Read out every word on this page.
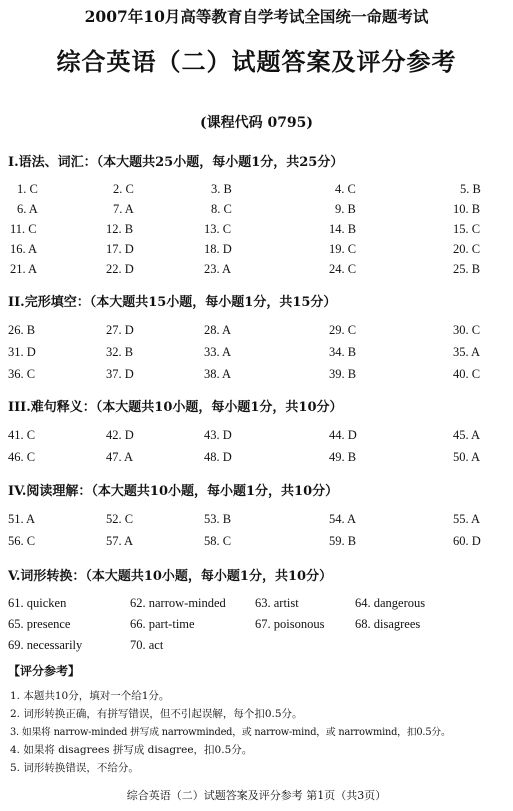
2007年10月高等教育自学考试全国统一命题考试
综合英语（二）试题答案及评分参考
(课程代码 0795)
I.语法、词汇：（本大题共25小题，每小题1分，共25分）
1. C	2. C	3. B	4. C	5. B
6. A	7. A	8. C	9. B	10. B
11. C	12. B	13. C	14. B	15. C
16. A	17. D	18. D	19. C	20. C
21. A	22. D	23. A	24. C	25. B
II.完形填空：（本大题共15小题，每小题1分，共15分）
26. B	27. D	28. A	29. C	30. C
31. D	32. B	33. A	34. B	35. A
36. C	37. D	38. A	39. B	40. C
III.难句释义：（本大题共10小题，每小题1分，共10分）
41. C	42. D	43. D	44. D	45. A
46. C	47. A	48. D	49. B	50. A
IV.阅读理解：（本大题共10小题，每小题1分，共10分）
51. A	52. C	53. B	54. A	55. A
56. C	57. A	58. C	59. B	60. D
V.词形转换：（本大题共10小题，每小题1分，共10分）
61. quicken	62. narrow-minded 63. artist	64. dangerous
65. presence	66. part-time	67. poisonous 68. disagrees
69. necessarily	70. act
【评分参考】
1. 本题共10分，填对一个给1分。
2. 词形转换正确，有拼写错误，但不引起误解，每个扣0.5分。
3. 如果将 narrow-minded 拼写成 narrowminded，或 narrow-mind，或 narrowmind，扣0.5分。
4. 如果将 disagrees 拼写成 disagree，扣0.5分。
5. 词形转换错误，不给分。
综合英语（二）试题答案及评分参考 第1页（共3页）
